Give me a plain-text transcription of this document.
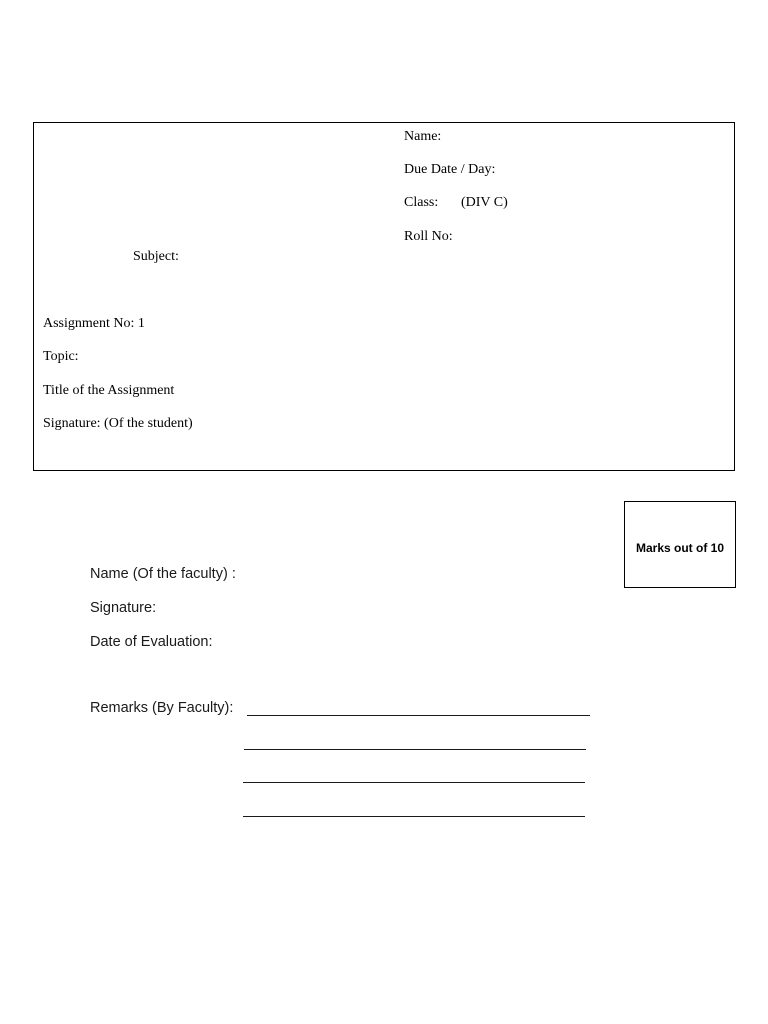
Name:
Due Date / Day:
Class: (DIV C)
Roll No:
Subject:
Assignment No: 1
Topic:
Title of the Assignment
Signature: (Of the student)
Marks out of 10
Name (Of the faculty) :
Signature:
Date of Evaluation:
Remarks (By Faculty):
